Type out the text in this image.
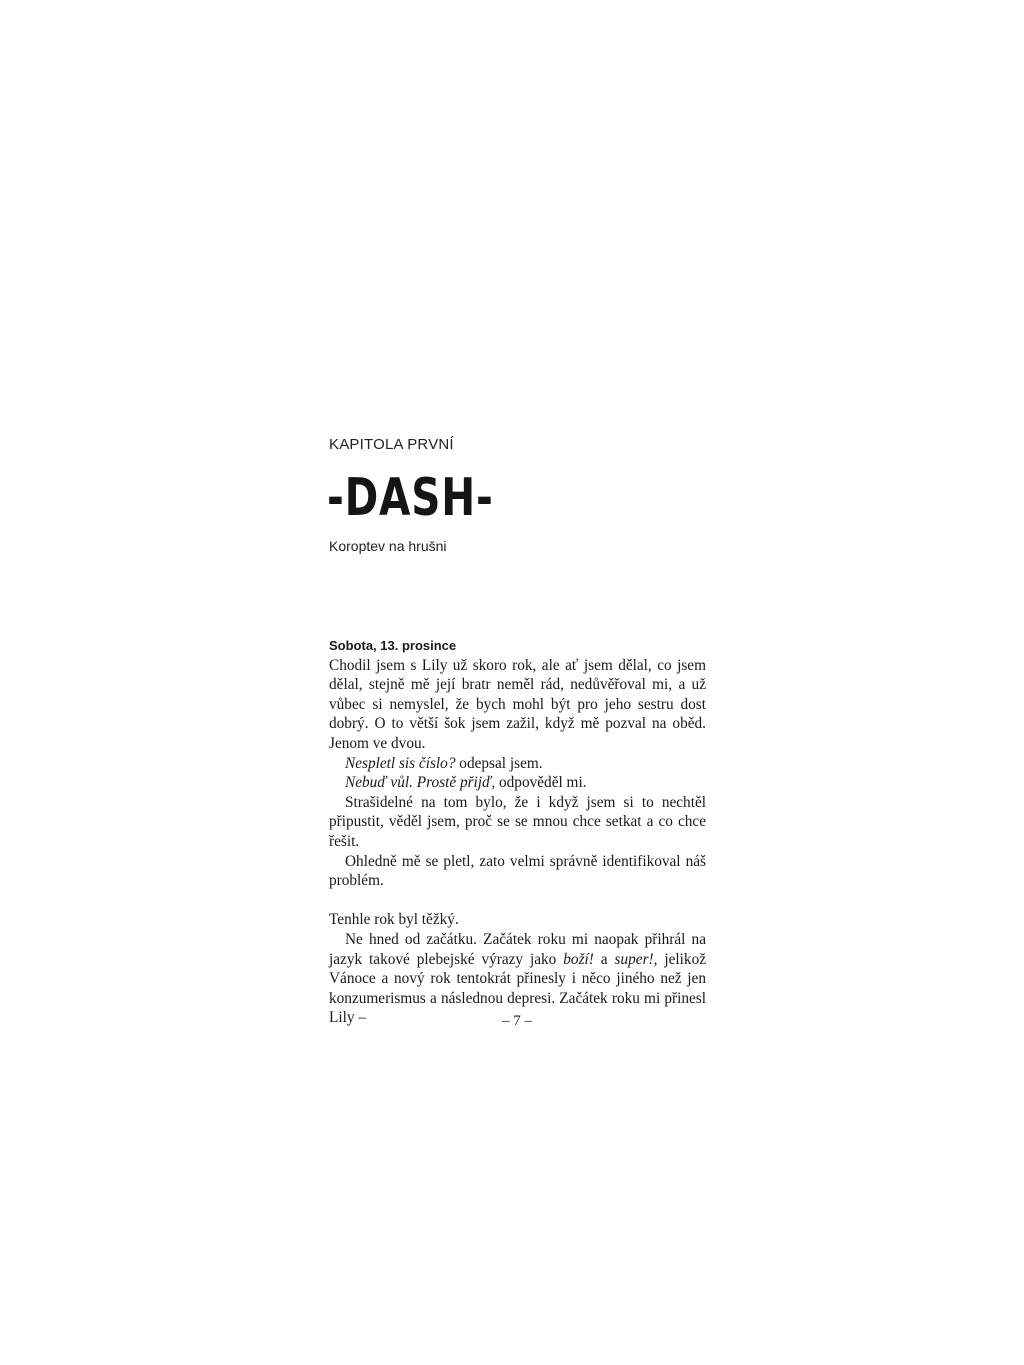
KAPITOLA PRVNÍ
-DASH-
Koroptev na hrušni

Sobota, 13. prosince

Chodil jsem s Lily už skoro rok, ale ať jsem dělal, co jsem dělal, stejně mě její bratr neměl rád, nedůvěřoval mi, a už vůbec si nemyslel, že bych mohl být pro jeho sestru dost dobrý. O to větší šok jsem zažil, když mě pozval na oběd. Jenom ve dvou.

Nespletl sis číslo? odepsal jsem.

Nebuď vůl. Prostě přijď, odpověděl mi.

Strašidelné na tom bylo, že i když jsem si to nechtěl připustit, věděl jsem, proč se se mnou chce setkat a co chce řešit.

Ohledně mě se pletl, zato velmi správně identifikoval náš problém.

Tenhle rok byl těžký.

Ne hned od začátku. Začátek roku mi naopak přihrál na jazyk takové plebejské výrazy jako boží! a super!, jelikož Vánoce a nový rok tentokrát přinesly i něco jiného než jen konzumerismus a následnou depresi. Začátek roku mi přinesl Lily –	– 7 –
